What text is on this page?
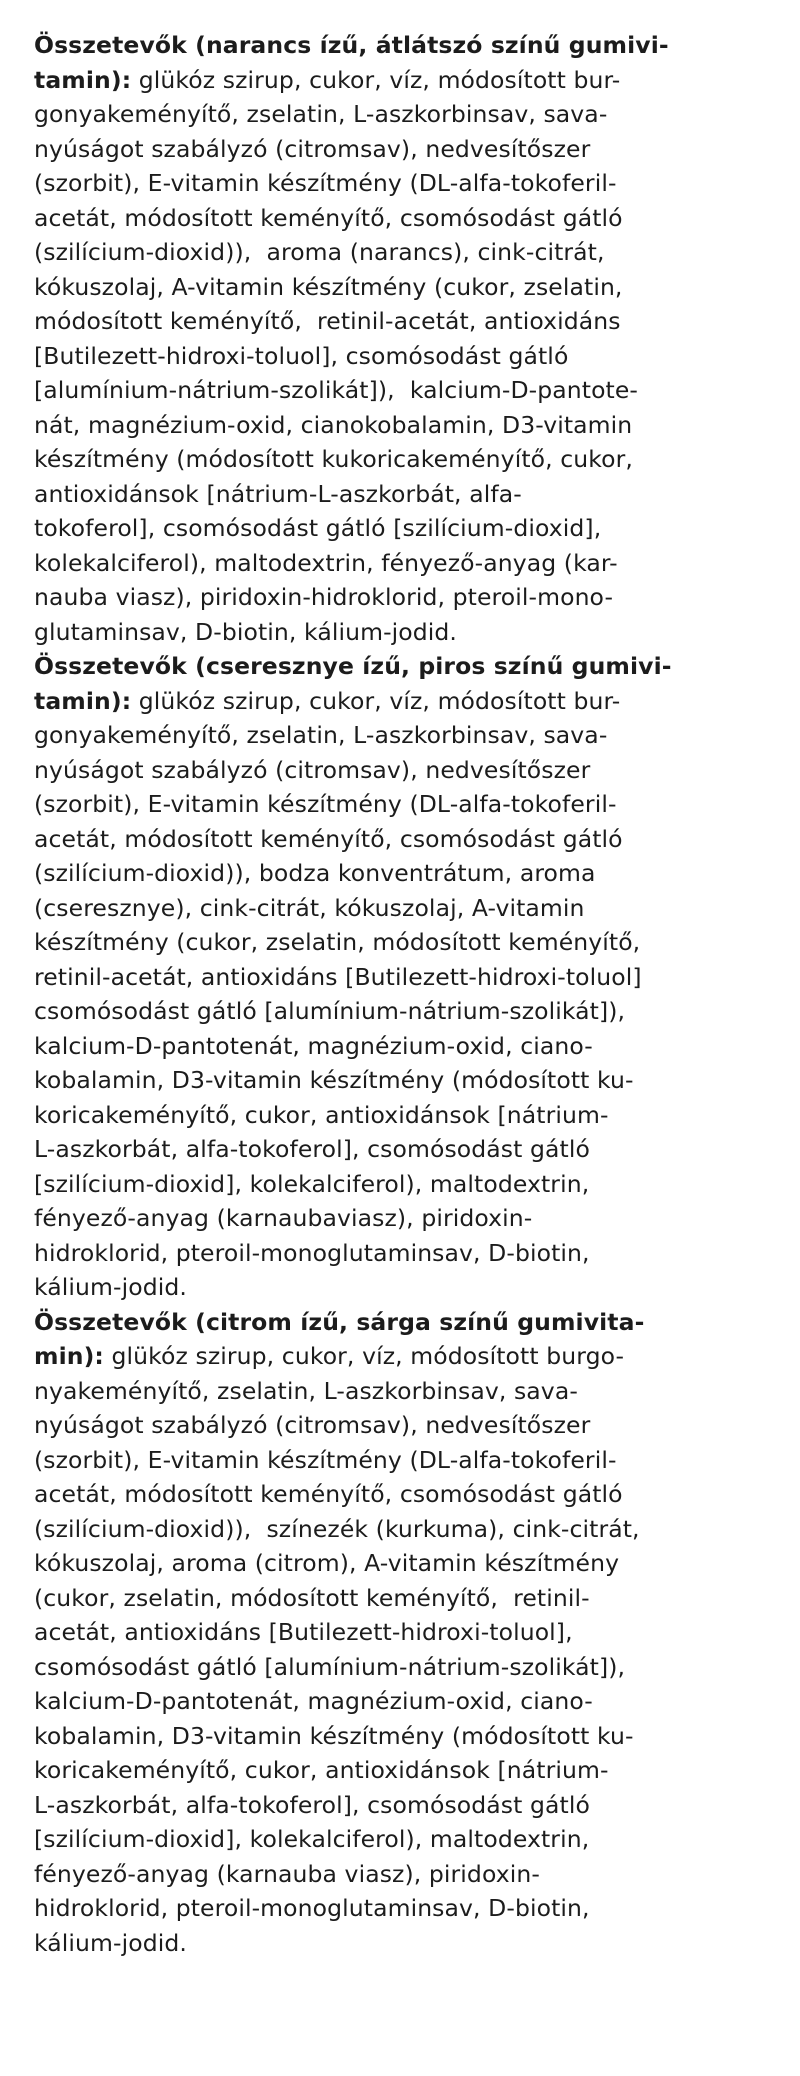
Összetevők (narancs ízű, átlátszó színű gumivi-
tamin): glükóz szirup, cukor, víz, módosított bur-
gonyakeményítő, zselatin, L-aszkorbinsav, sava-
nyúságot szabályzó (citromsav), nedvesítőszer
(szorbit), E-vitamin készítmény (DL-alfa-tokoferil-
acetát, módosított keményítő, csomósodást gátló
(szilícium-dioxid)),  aroma (narancs), cink-citrát,
kókuszolaj, A-vitamin készítmény (cukor, zselatin,
módosított keményítő,  retinil-acetát, antioxidáns
[Butilezett-hidroxi-toluol], csomósodást gátló
[alumínium-nátrium-szolikát]),  kalcium-D-pantote-
nát, magnézium-oxid, cianokobalamin, D3-vitamin
készítmény (módosított kukoricakeményítő, cukor,
antioxidánsok [nátrium-L-aszkorbát, alfa-
tokoferol], csomósodást gátló [szilícium-dioxid],
kolekalciferol), maltodextrin, fényező-anyag (kar-
nauba viasz), piridoxin-hidroklorid, pteroil-mono-
glutaminsav, D-biotin, kálium-jodid.
Összetevők (cseresznye ízű, piros színű gumivi-
tamin): glükóz szirup, cukor, víz, módosított bur-
gonyakeményítő, zselatin, L-aszkorbinsav, sava-
nyúságot szabályzó (citromsav), nedvesítőszer
(szorbit), E-vitamin készítmény (DL-alfa-tokoferil-
acetát, módosított keményítő, csomósodást gátló
(szilícium-dioxid)), bodza konventrátum, aroma
(cseresznye), cink-citrát, kókuszolaj, A-vitamin
készítmény (cukor, zselatin, módosított keményítő,
retinil-acetát, antioxidáns [Butilezett-hidroxi-toluol]
csomósodást gátló [alumínium-nátrium-szolikát]),
kalcium-D-pantotenát, magnézium-oxid, ciano-
kobalamin, D3-vitamin készítmény (módosított ku-
koricakeményítő, cukor, antioxidánsok [nátrium-
L-aszkorbát, alfa-tokoferol], csomósodást gátló
[szilícium-dioxid], kolekalciferol), maltodextrin,
fényező-anyag (karnaubaviasz), piridoxin-
hidroklorid, pteroil-monoglutaminsav, D-biotin,
kálium-jodid.
Összetevők (citrom ízű, sárga színű gumivita-
min): glükóz szirup, cukor, víz, módosított burgo-
nyakeményítő, zselatin, L-aszkorbinsav, sava-
nyúságot szabályzó (citromsav), nedvesítőszer
(szorbit), E-vitamin készítmény (DL-alfa-tokoferil-
acetát, módosított keményítő, csomósodást gátló
(szilícium-dioxid)),  színezék (kurkuma), cink-citrát,
kókuszolaj, aroma (citrom), A-vitamin készítmény
(cukor, zselatin, módosított keményítő,  retinil-
acetát, antioxidáns [Butilezett-hidroxi-toluol],
csomósodást gátló [alumínium-nátrium-szolikát]),
kalcium-D-pantotenát, magnézium-oxid, ciano-
kobalamin, D3-vitamin készítmény (módosított ku-
koricakeményítő, cukor, antioxidánsok [nátrium-
L-aszkorbát, alfa-tokoferol], csomósodást gátló
[szilícium-dioxid], kolekalciferol), maltodextrin,
fényező-anyag (karnauba viasz), piridoxin-
hidroklorid, pteroil-monoglutaminsav, D-biotin,
kálium-jodid.
